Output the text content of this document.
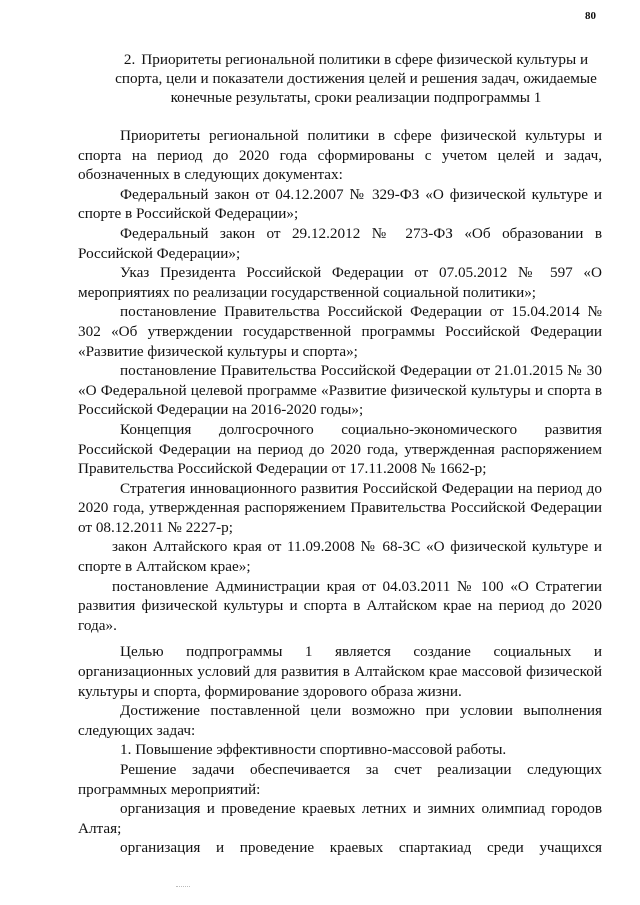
80
2. Приоритеты региональной политики в сфере физической культуры и спорта, цели и показатели достижения целей и решения задач, ожидаемые конечные результаты, сроки реализации подпрограммы 1

Приоритеты региональной политики в сфере физической культуры и спорта на период до 2020 года сформированы с учетом целей и задач, обозначенных в следующих документах:

Федеральный закон от 04.12.2007 № 329-ФЗ «О физической культуре и спорте в Российской Федерации»;

Федеральный закон от 29.12.2012 № 273-ФЗ «Об образовании в Российской Федерации»;

Указ Президента Российской Федерации от 07.05.2012 № 597 «О мероприятиях по реализации государственной социальной политики»;

постановление Правительства Российской Федерации от 15.04.2014 № 302 «Об утверждении государственной программы Российской Федерации «Развитие физической культуры и спорта»;

постановление Правительства Российской Федерации от 21.01.2015 № 30 «О Федеральной целевой программе «Развитие физической культуры и спорта в Российской Федерации на 2016-2020 годы»;

Концепция долгосрочного социально-экономического развития Российской Федерации на период до 2020 года, утвержденная распоряжением Правительства Российской Федерации от 17.11.2008 № 1662-р;

Стратегия инновационного развития Российской Федерации на период до 2020 года, утвержденная распоряжением Правительства Российской Федерации от 08.12.2011 № 2227-р;

закон Алтайского края от 11.09.2008 № 68-ЗС «О физической культуре и спорте в Алтайском крае»;

постановление Администрации края от 04.03.2011 № 100 «О Стратегии развития физической культуры и спорта в Алтайском крае на период до 2020 года».

Целью подпрограммы 1 является создание социальных и организационных условий для развития в Алтайском крае массовой физической культуры и спорта, формирование здорового образа жизни.

Достижение поставленной цели возможно при условии выполнения следующих задач:

1. Повышение эффективности спортивно-массовой работы.

Решение задачи обеспечивается за счет реализации следующих программных мероприятий:

организация и проведение краевых летних и зимних олимпиад городов Алтая;

организация и проведение краевых спартакиад среди учащихся
